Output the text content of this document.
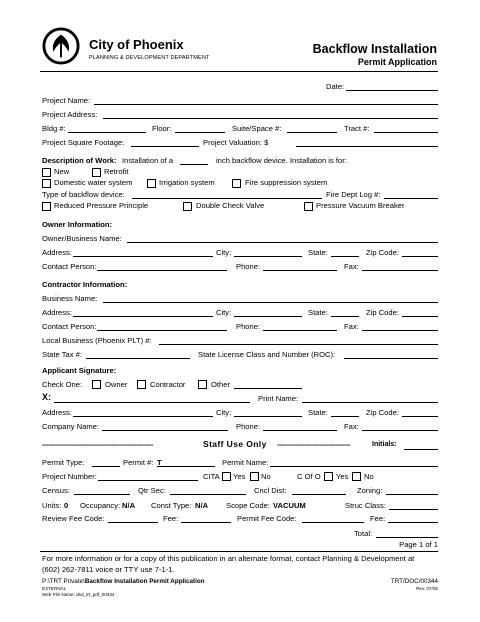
City of Phoenix
PLANNING & DEVELOPMENT DEPARTMENT
Backflow Installation
Permit Application
Date:
Project Name:
Project Address:
Bldg #:	Floor:	Suite/Space #:	Tract #:
Project Square Footage:	Project Valuation: $
Description of Work: Installation of a	inch backflow device. Installation is for:
New	Retrofit
Domestic water system	Irrigation system	Fire suppression system
Type of backflow device:	Fire Dept Log #:
Reduced Pressure Principle	Double Check Valve	Pressure Vacuum Breaker
Owner Information:
Owner/Business Name:
Address:	City:	State:	Zip Code:
Contact Person:	Phone:	Fax:
Contractor Information:
Business Name:
Address:	City:	State:	Zip Code:
Contact Person:	Phone:	Fax:
Local Business (Phoenix PLT) #:
State Tax #:	State License Class and Number (ROC):
Applicant Signature:
Check One:	Owner	Contractor	Other
X:	Print Name:
Address:	City:	State:	Zip Code:
Company Name:	Phone:	Fax:
-----------------------------------------------------	Staff Use Only -----------------------------------	Initials:
Permit Type:	Permit #: T	Permit Name:
Project Number:	CITA Yes No	C Of O Yes No
Census:	Qtr Sec:	Cncl Dist:	Zoning:
Units: 0 Occupancy: N/A Const Type: N/A Scope Code: VACUUM	Struc Class:
Review Fee Code:	Fee:	Permit Fee Code:	Fee:
Total:
Page 1 of 1
For more information or for a copy of this publication in an alternate format, contact Planning & Development at
(602) 262-7811 voice or TTY use 7-1-1.
P:\TRT Private\Backflow Installation Permit Application	TRT/DOC/00344
EXTERNAL	Rev. 07/25
Web File Name: dsd_trt_pdf_00344
